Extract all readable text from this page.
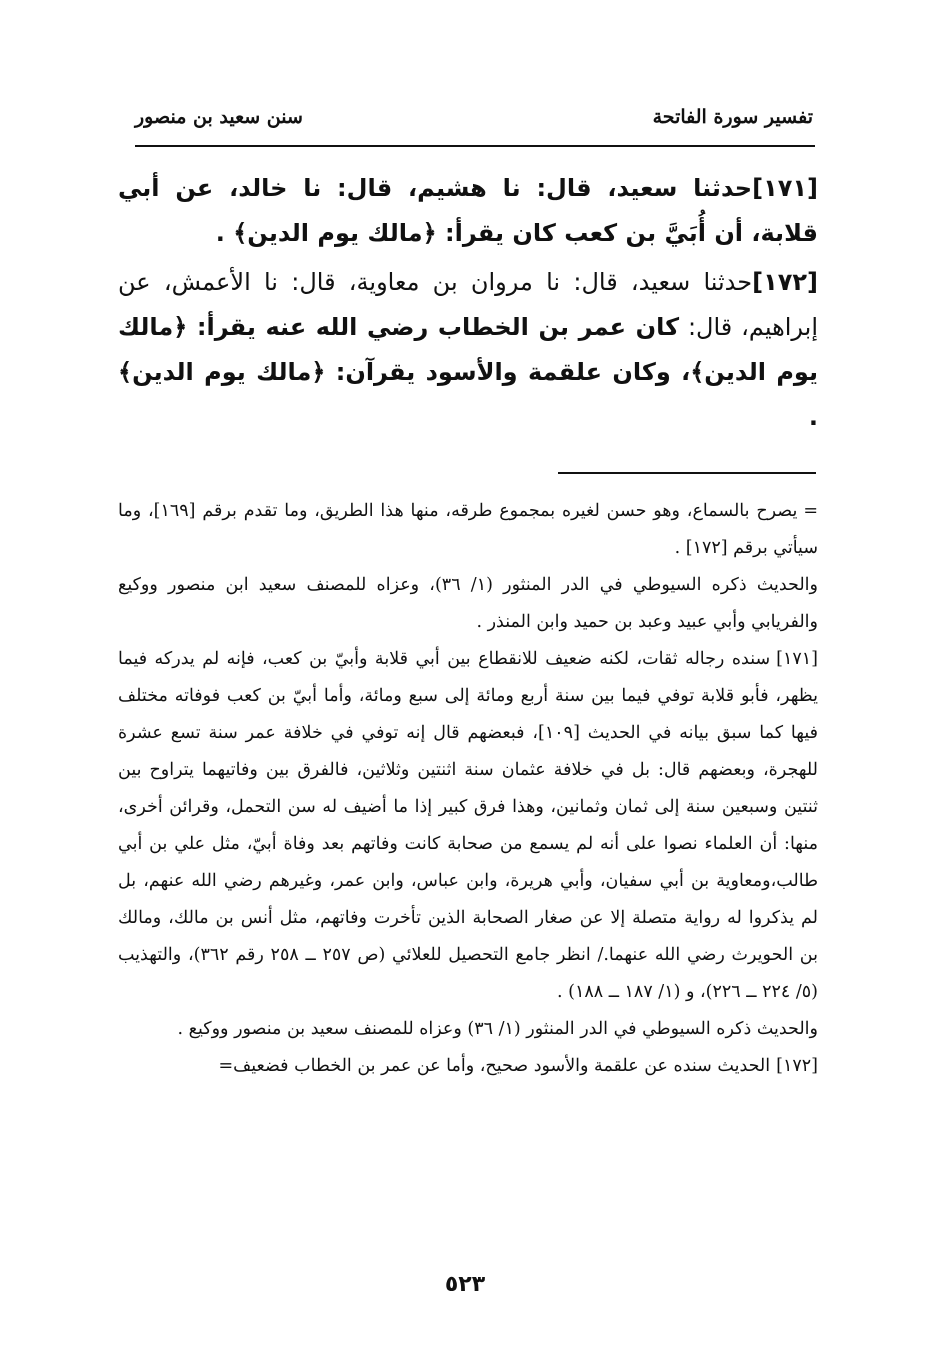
تفسير سورة الفاتحة
سنن سعيد بن منصور

[١٧١]حدثنا سعيد، قال: نا هشيم، قال: نا خالد، عن أبي قلابة، أن أُبَيَّ بن كعب كان يقرأ: ﴿مالك يوم الدين﴾ .

[١٧٢]حدثنا سعيد، قال: نا مروان بن معاوية، قال: نا الأعمش، عن إبراهيم، قال: كان عمر بن الخطاب رضي الله عنه يقرأ: ﴿مالك يوم الدين﴾، وكان علقمة والأسود يقرآن: ﴿مالك يوم الدين﴾ .

=يصرح بالسماع، وهو حسن لغيره بمجموع طرقه، منها هذا الطريق، وما تقدم برقم [١٦٩]، وما سيأتي برقم [١٧٢] .

والحديث ذكره السيوطي في الدر المنثور (١/ ٣٦)، وعزاه للمصنف سعيد ابن منصور ووكيع والفريابي وأبي عبيد وعبد بن حميد وابن المنذر .

[١٧١]سنده رجاله ثقات، لكنه ضعيف للانقطاع بين أبي قلابة وأبيّ بن كعب، فإنه لم يدركه فيما يظهر، فأبو قلابة توفي فيما بين سنة أربع ومائة إلى سبع ومائة، وأما أبيّ بن كعب فوفاته مختلف فيها كما سبق بيانه في الحديث [١٠٩]، فبعضهم قال إنه توفي في خلافة عمر سنة تسع عشرة للهجرة، وبعضهم قال: بل في خلافة عثمان سنة اثنتين وثلاثين، فالفرق بين وفاتيهما يتراوح بين ثنتين وسبعين سنة إلى ثمان وثمانين، وهذا فرق كبير إذا ما أضيف له سن التحمل، وقرائن أخرى، منها: أن العلماء نصوا على أنه لم يسمع من صحابة كانت وفاتهم بعد وفاة أبيّ، مثل علي بن أبي طالب،ومعاوية بن أبي سفيان، وأبي هريرة، وابن عباس، وابن عمر، وغيرهم رضي الله عنهم، بل لم يذكروا له رواية متصلة إلا عن صغار الصحابة الذين تأخرت وفاتهم، مثل أنس بن مالك، ومالك بن الحويرث رضي الله عنهما./ انظر جامع التحصيل للعلائي (ص ٢٥٧ ــ ٢٥٨ رقم ٣٦٢)، والتهذيب (٥/ ٢٢٤ ــ ٢٢٦)، و (١/ ١٨٧ ــ ١٨٨) .

والحديث ذكره السيوطي في الدر المنثور (١/ ٣٦) وعزاه للمصنف سعيد بن منصور ووكيع .

[١٧٢]الحديث سنده عن علقمة والأسود صحيح، وأما عن عمر بن الخطاب فضعيف=

٥٢٣
